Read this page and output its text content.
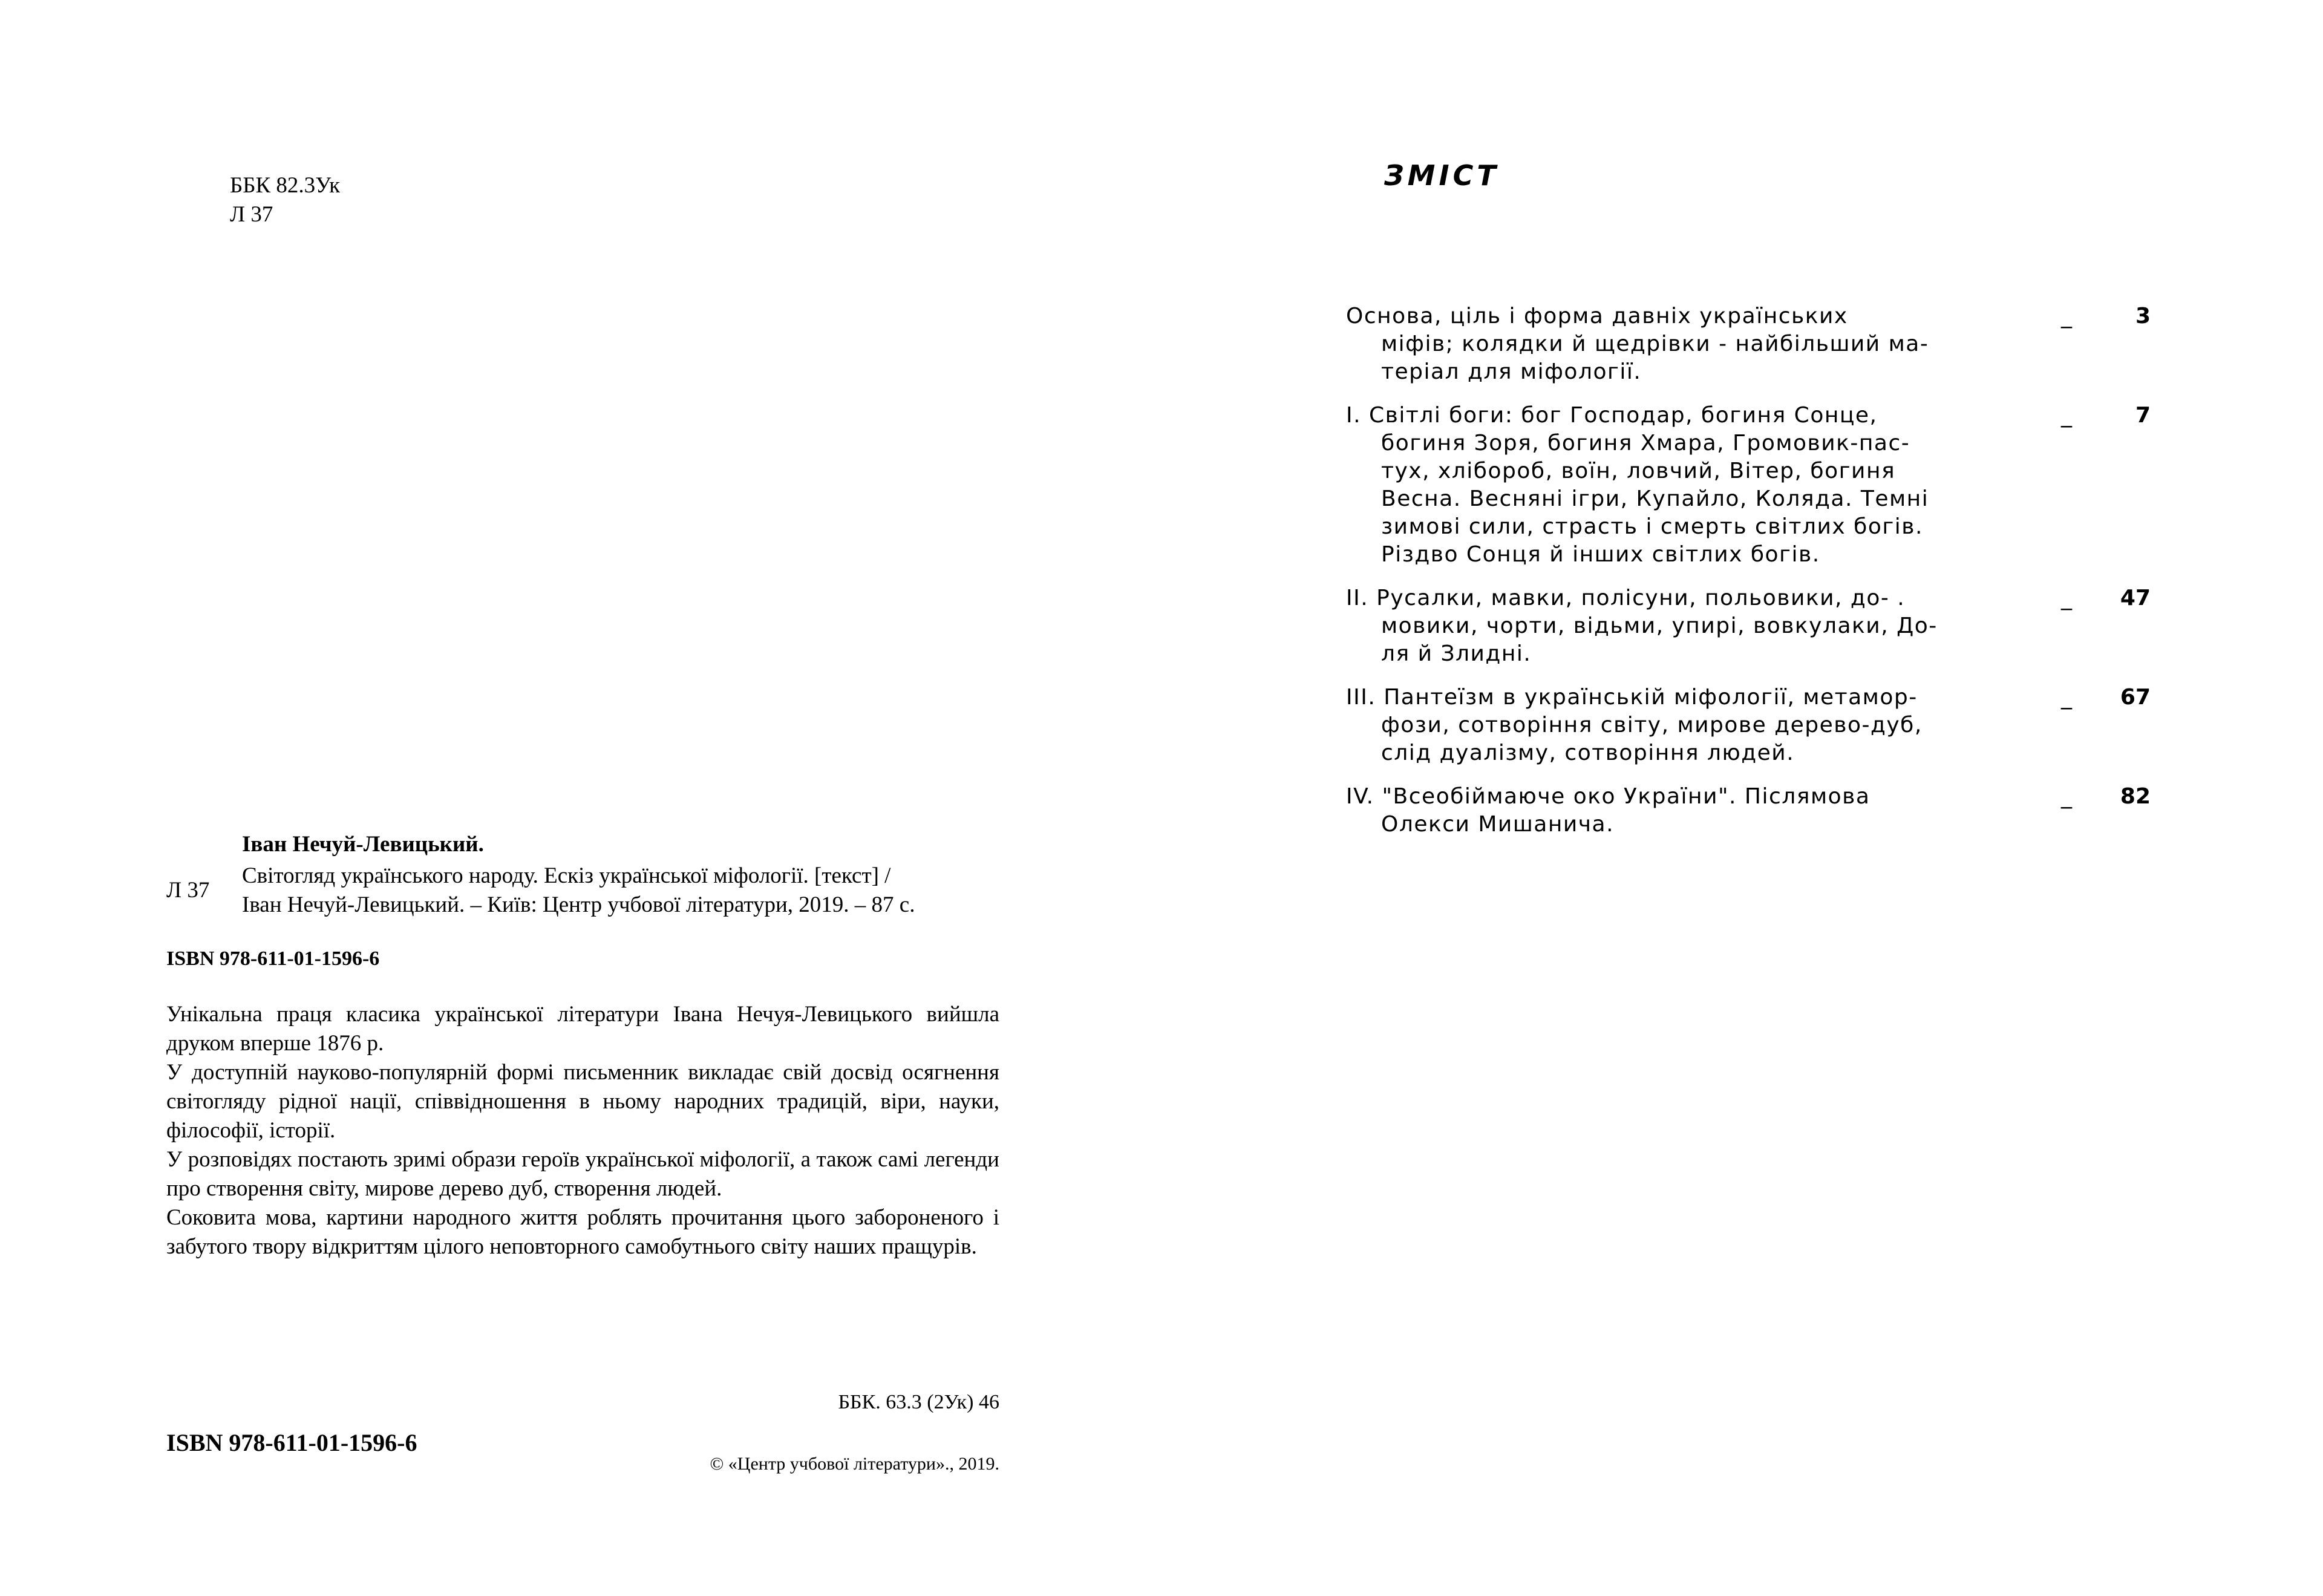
ББК 82.3Ук
Л 37
Іван Нечуй-Левицький.
Л 37

Світогляд українського народу. Ескіз української міфології. [текст] /

Іван Нечуй-Левицький. – Київ: Центр учбової літератури, 2019. – 87 с.

ISBN 978-611-01-1596-6

Унікальна праця класика української літератури Івана Нечуя-Левицького вийшла друком вперше 1876 р.

У доступній науково-популярній формі письменник викладає свій досвід осягнення світогляду рідної нації, співвідношення в ньому народних традицій, віри, науки, філософії, історії.

У розповідях постають зримі образи героїв української міфології, а також самі легенди про створення світу, мирове дерево дуб, створення людей.

Соковита мова, картини народного життя роблять прочитання цього забороненого і забутого твору відкриттям цілого неповторного самобутнього світу наших пращурів.

ББК. 63.3 (2Ук) 46
ISBN 978-611-01-1596-6
© «Центр учбової літератури»., 2019.
ЗМІСТ
Основа, ціль і форма давніх українських
міфів; колядки й щедрівки - найбільший ма-
теріал для міфології.
_	3
І. Світлі боги: бог Господар, богиня Сонце,
богиня Зоря, богиня Хмара, Громовик-пас-
тух, хлібороб, воїн, ловчий, Вітер, богиня
Весна. Весняні ігри, Купайло, Коляда. Темні
зимові сили, страсть і смерть світлих богів.
Різдво Сонця й інших світлих богів.
_	7
ІІ. Русалки, мавки, полісуни, польовики, до- .
мовики, чорти, відьми, упирі, вовкулаки, До-
ля й Злидні.
_	47
ІІІ. Пантеїзм в українській міфології, метамор-
фози, сотворіння світу, мирове дерево-дуб,
слід дуалізму, сотворіння людей.
_	67
IV. "Всеобіймаюче око України". Післямова
Олекси Мишанича.
_	82
